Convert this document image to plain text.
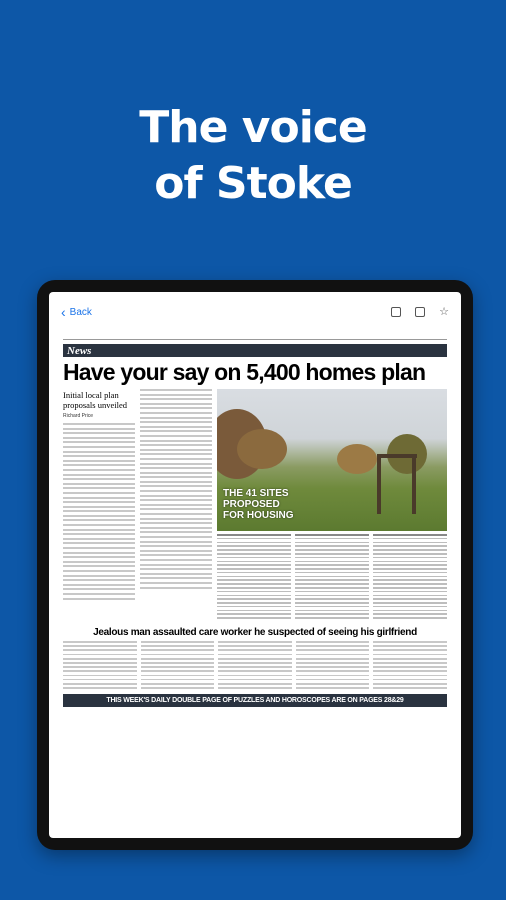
The voice
of Stoke
‹ Back	☆

News
Have your say on 5,400 homes plan
Initial local plan proposals unveiled
Richard Price
THE 41 SITES
PROPOSED
FOR HOUSING
Jealous man assaulted care worker he suspected of seeing his girlfriend
THIS WEEK'S DAILY DOUBLE PAGE OF PUZZLES AND HOROSCOPES ARE ON PAGES 28&29
